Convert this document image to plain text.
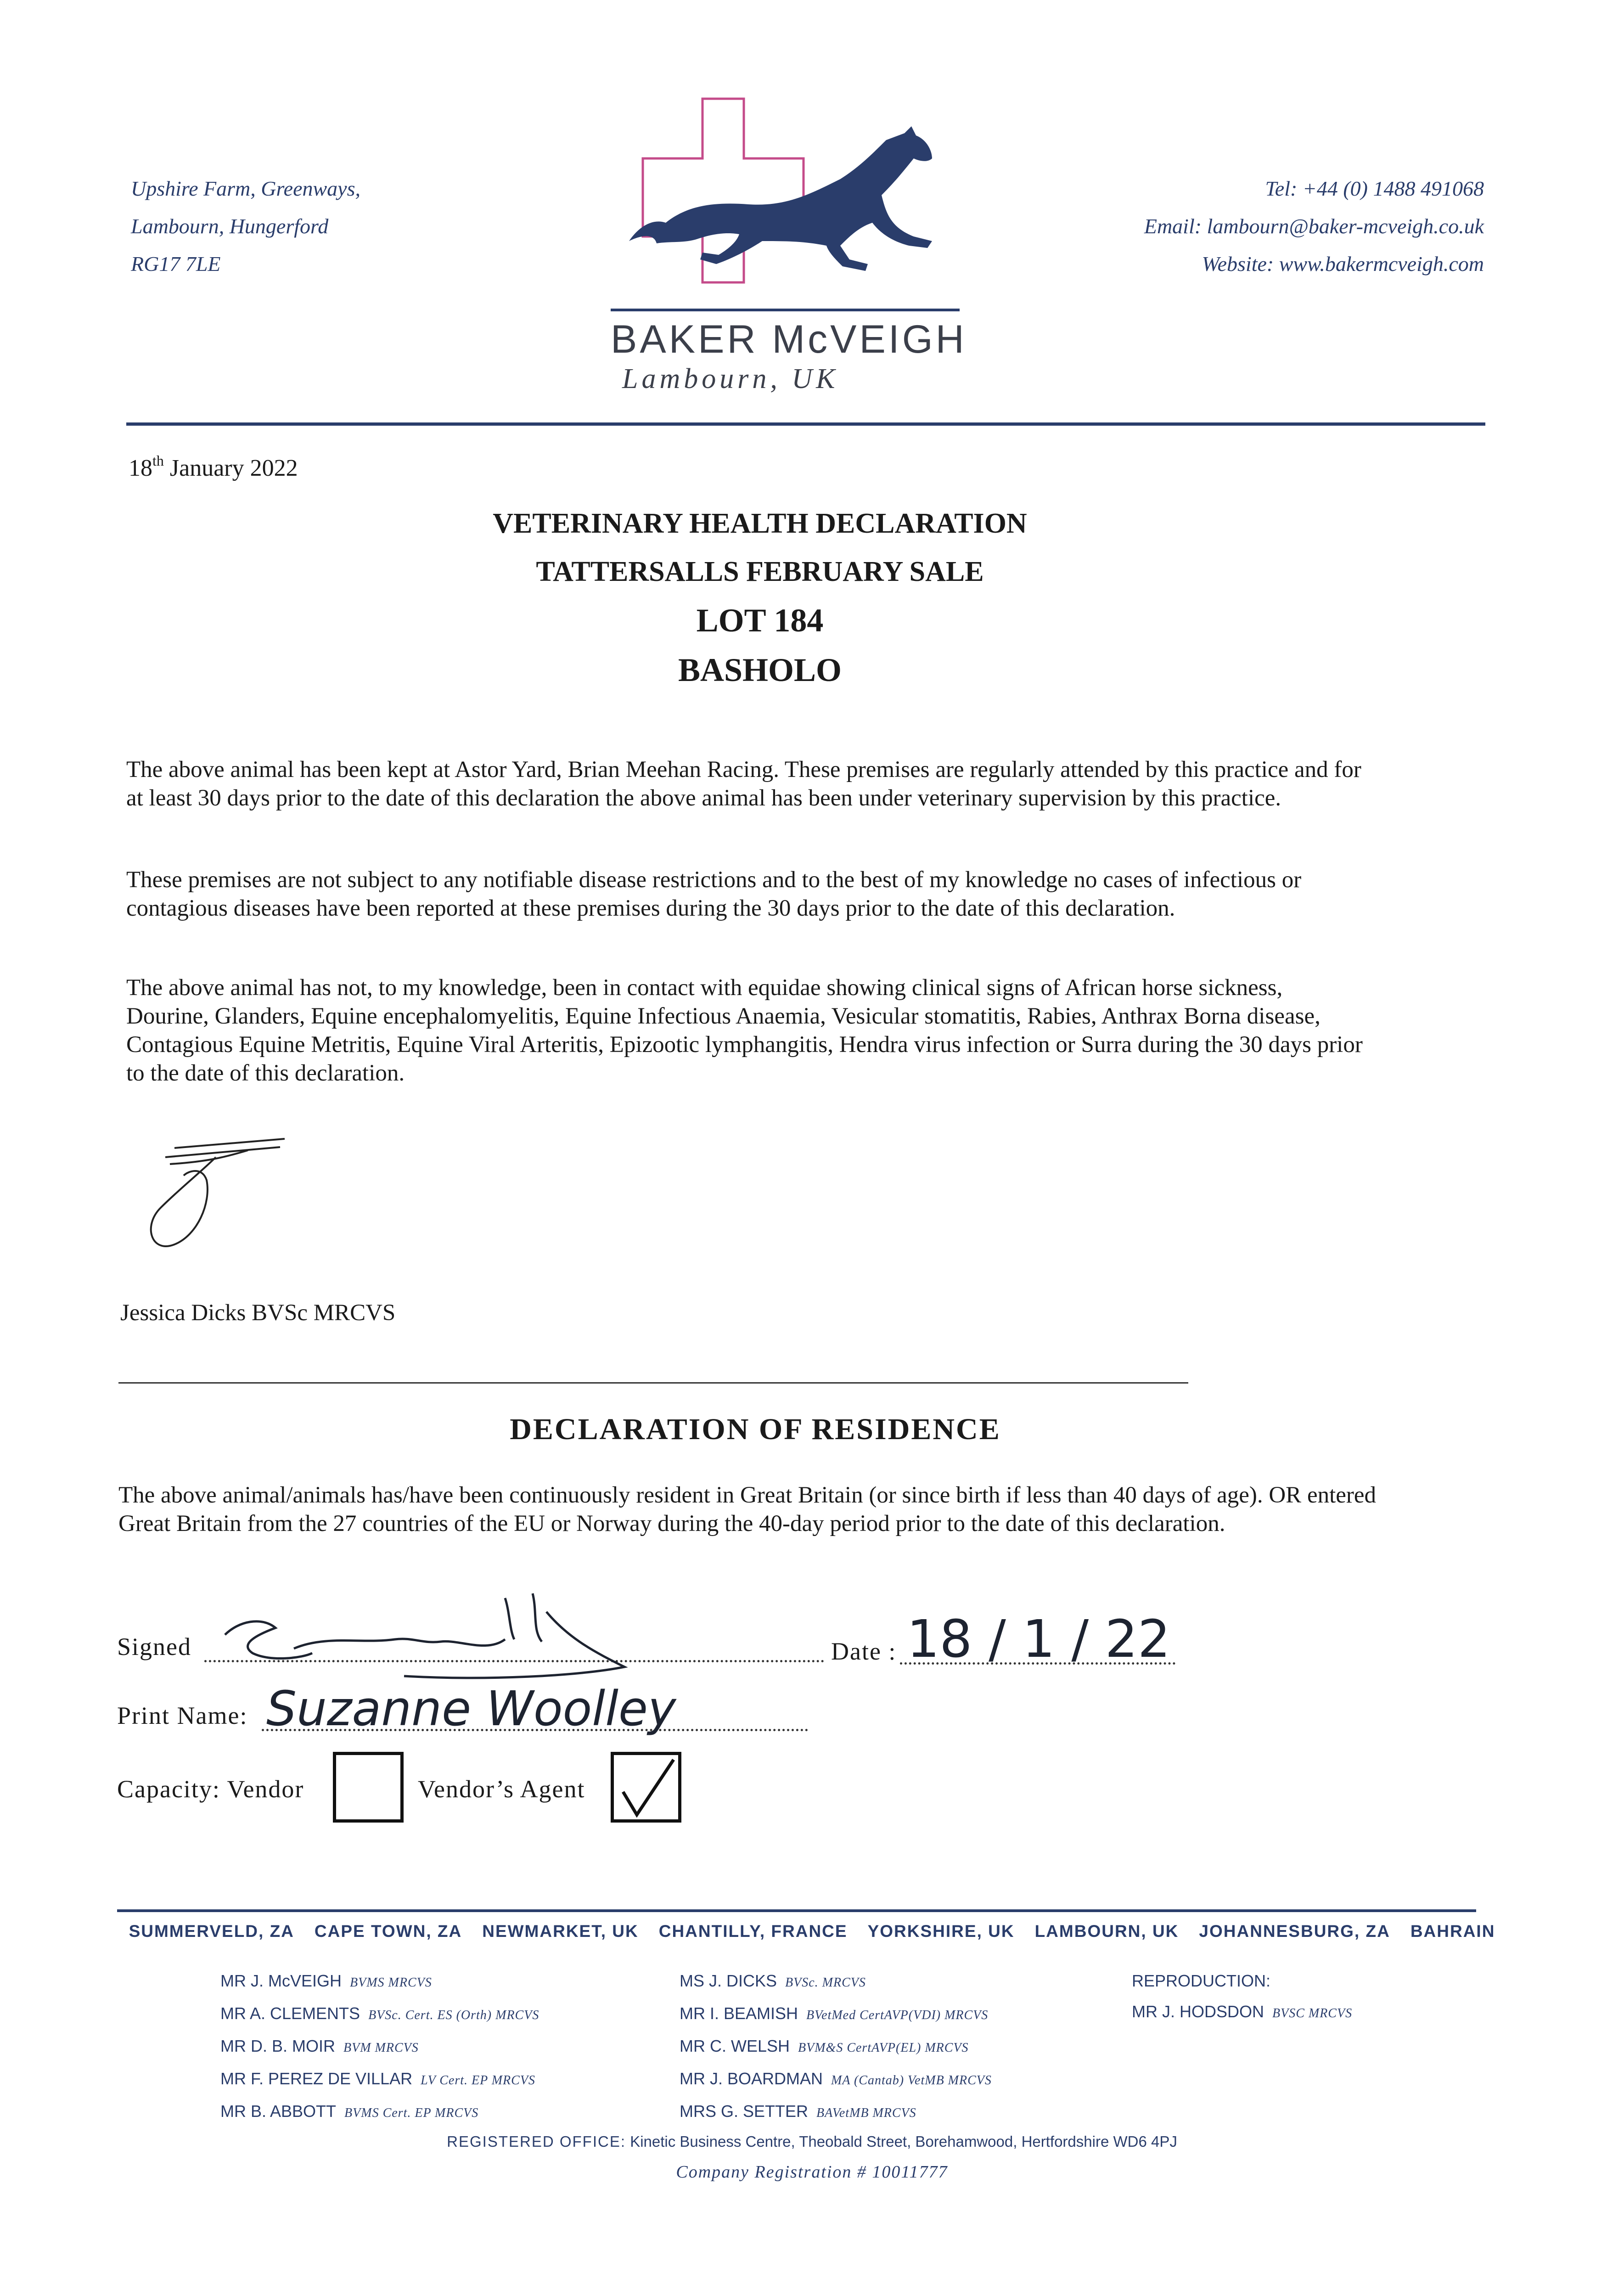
Upshire Farm, Greenways,
Lambourn, Hungerford
RG17 7LE
BAKER McVEIGH
Lambourn, UK
Tel: +44 (0) 1488 491068
Email: lambourn@baker-mcveigh.co.uk
Website: www.bakermcveigh.com
18th January 2022
VETERINARY HEALTH DECLARATION
TATTERSALLS FEBRUARY SALE
LOT 184
BASHOLO
The above animal has been kept at Astor Yard, Brian Meehan Racing. These premises are regularly attended by this practice and for at least 30 days prior to the date of this declaration the above animal has been under veterinary supervision by this practice.
These premises are not subject to any notifiable disease restrictions and to the best of my knowledge no cases of infectious or contagious diseases have been reported at these premises during the 30 days prior to the date of this declaration.
The above animal has not, to my knowledge, been in contact with equidae showing clinical signs of African horse sickness, Dourine, Glanders, Equine encephalomyelitis, Equine Infectious Anaemia, Vesicular stomatitis, Rabies, Anthrax Borna disease, Contagious Equine Metritis, Equine Viral Arteritis, Epizootic lymphangitis, Hendra virus infection or Surra during the 30 days prior to the date of this declaration.
Jessica Dicks BVSc MRCVS
DECLARATION OF RESIDENCE
The above animal/animals has/have been continuously resident in Great Britain (or since birth if less than 40 days of age). OR entered Great Britain from the 27 countries of the EU or Norway during the 40-day period prior to the date of this declaration.
Signed	Date : 18 / 1 / 22
Print Name: Suzanne Woolley
Capacity: Vendor	Vendor’s Agent
SUMMERVELD, ZA	CAPE TOWN, ZA	NEWMARKET, UK	CHANTILLY, FRANCE	YORKSHIRE, UK	LAMBOURN, UK	JOHANNESBURG, ZA	BAHRAIN
MR J. McVEIGH BVMS MRCVS
MR A. CLEMENTS BVSc. Cert. ES (Orth) MRCVS
MR D. B. MOIR BVM MRCVS
MR F. PEREZ DE VILLAR LV Cert. EP MRCVS
MR B. ABBOTT BVMS Cert. EP MRCVS
MS J. DICKS BVSc. MRCVS
MR I. BEAMISH BVetMed CertAVP(VDI) MRCVS
MR C. WELSH BVM&S CertAVP(EL) MRCVS
MR J. BOARDMAN MA (Cantab) VetMB MRCVS
MRS G. SETTER BAVetMB MRCVS
REPRODUCTION:
MR J. HODSDON BVSC MRCVS
REGISTERED OFFICE: Kinetic Business Centre, Theobald Street, Borehamwood, Hertfordshire WD6 4PJ
Company Registration # 10011777
